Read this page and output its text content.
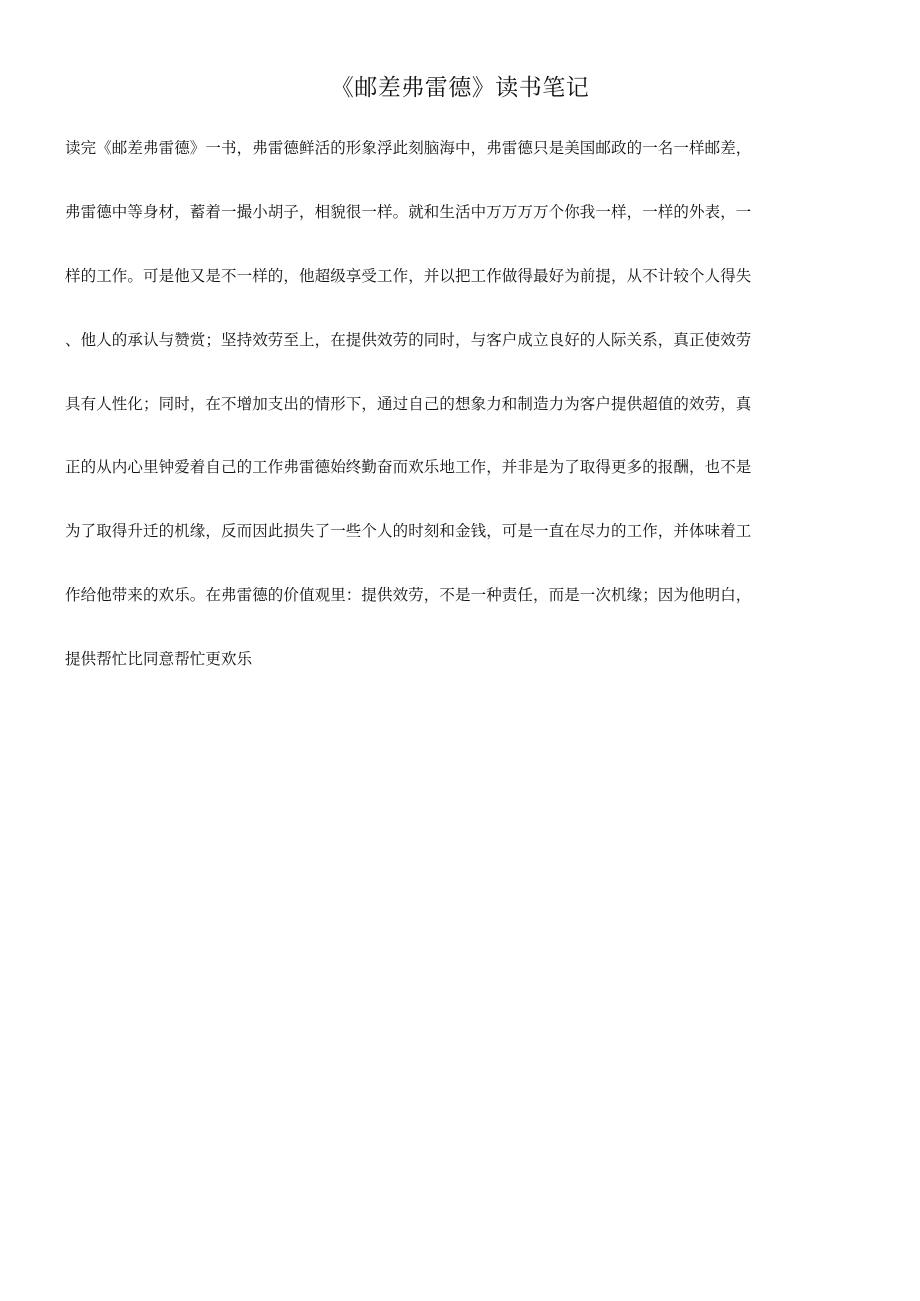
《邮差弗雷德》读书笔记
读完《邮差弗雷德》一书，弗雷德鲜活的形象浮此刻脑海中，弗雷德只是美国邮政的一名一样邮差，
弗雷德中等身材，蓄着一撮小胡子，相貌很一样。就和生活中万万万万个你我一样，一样的外表，一
样的工作。可是他又是不一样的，他超级享受工作，并以把工作做得最好为前提，从不计较个人得失
、他人的承认与赞赏；坚持效劳至上，在提供效劳的同时，与客户成立良好的人际关系，真正使效劳
具有人性化；同时，在不增加支出的情形下，通过自己的想象力和制造力为客户提供超值的效劳，真
正的从内心里钟爱着自己的工作弗雷德始终勤奋而欢乐地工作，并非是为了取得更多的报酬，也不是
为了取得升迁的机缘，反而因此损失了一些个人的时刻和金钱，可是一直在尽力的工作，并体味着工
作给他带来的欢乐。在弗雷德的价值观里：提供效劳，不是一种责任，而是一次机缘；因为他明白，
提供帮忙比同意帮忙更欢乐
